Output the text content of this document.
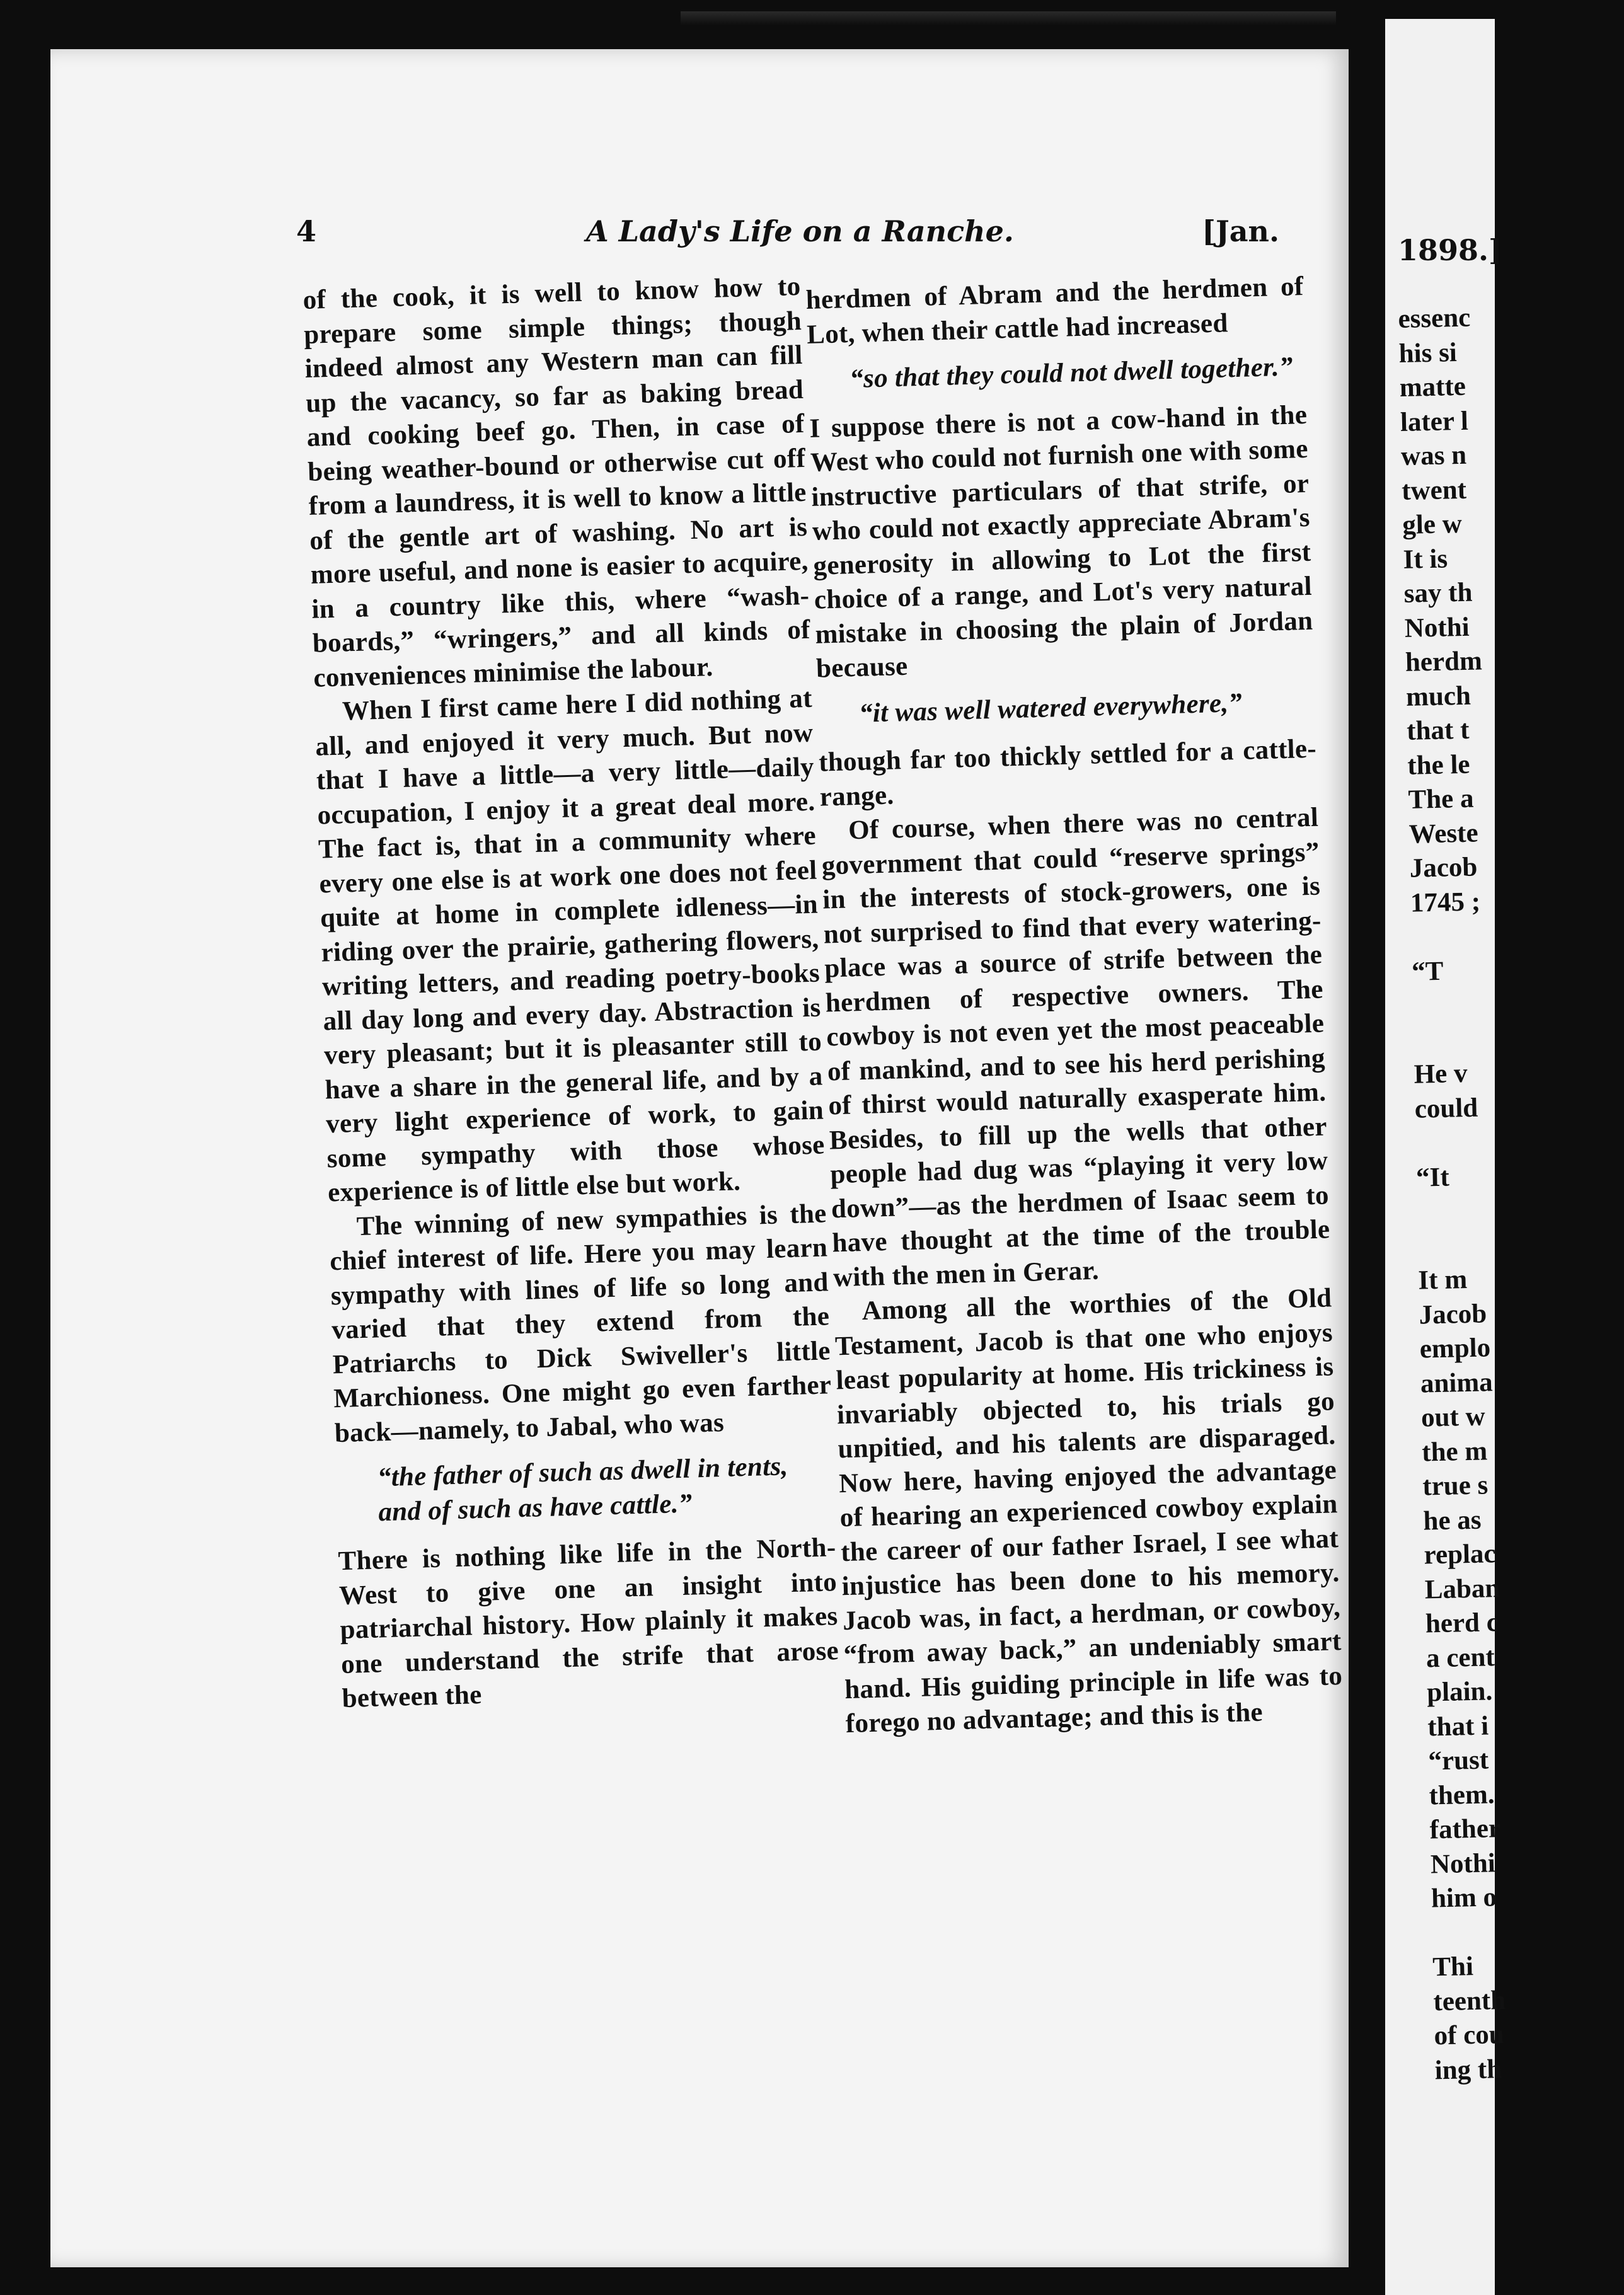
4	A Lady's Life on a Ranche.	[Jan.

of the cook, it is well to know how to prepare some simple things; though indeed almost any Western man can fill up the vacancy, so far as baking bread and cooking beef go. Then, in case of being weather-bound or otherwise cut off from a laundress, it is well to know a little of the gentle art of washing. No art is more useful, and none is easier to acquire, in a country like this, where “wash-boards,” “wringers,” and all kinds of conveniences minimise the labour.

When I first came here I did nothing at all, and enjoyed it very much. But now that I have a little—a very little—daily occupation, I enjoy it a great deal more. The fact is, that in a community where every one else is at work one does not feel quite at home in complete idleness—in riding over the prairie, gathering flowers, writing letters, and reading poetry-books all day long and every day. Abstraction is very pleasant; but it is pleasanter still to have a share in the general life, and by a very light experience of work, to gain some sympathy with those whose experience is of little else but work.

The winning of new sympathies is the chief interest of life. Here you may learn sympathy with lines of life so long and varied that they extend from the Patriarchs to Dick Swiveller's little Marchioness. One might go even farther back—namely, to Jabal, who was

“the father of such as dwell in tents, and of such as have cattle.”

There is nothing like life in the North-West to give one an insight into patriarchal history. How plainly it makes one understand the strife that arose between the

herdmen of Abram and the herdmen of Lot, when their cattle had increased

“so that they could not dwell together.”

I suppose there is not a cow-hand in the West who could not furnish one with some instructive particulars of that strife, or who could not exactly appreciate Abram's generosity in allowing to Lot the first choice of a range, and Lot's very natural mistake in choosing the plain of Jordan because

“it was well watered everywhere,”

though far too thickly settled for a cattle-range.

Of course, when there was no central government that could “reserve springs” in the interests of stock-growers, one is not surprised to find that every watering-place was a source of strife between the herdmen of respective owners. The cowboy is not even yet the most peaceable of mankind, and to see his herd perishing of thirst would naturally exasperate him. Besides, to fill up the wells that other people had dug was “playing it very low down”—as the herdmen of Isaac seem to have thought at the time of the trouble with the men in Gerar.

Among all the worthies of the Old Testament, Jacob is that one who enjoys least popularity at home. His trickiness is invariably objected to, his trials go unpitied, and his talents are disparaged. Now here, having enjoyed the advantage of hearing an experienced cowboy explain the career of our father Israel, I see what injustice has been done to his memory. Jacob was, in fact, a herdman, or cowboy, “from away back,” an undeniably smart hand. His guiding principle in life was to forego no advantage; and this is the

1898.]
essenc
his si
matte
later l
was n
twent
gle w
It is
say th
Nothi
herdm
much
that t
the le
The a
Weste
Jacob
1745 ;
“T
He v
could
“It
It m
Jacob
emplo
anima
out w
the m
true s
he as
replac
Laban
herd c
a cent
plain.
that i
“rust
them.
father
Nothi
him o
Thi
teenth
of cou
ing th
